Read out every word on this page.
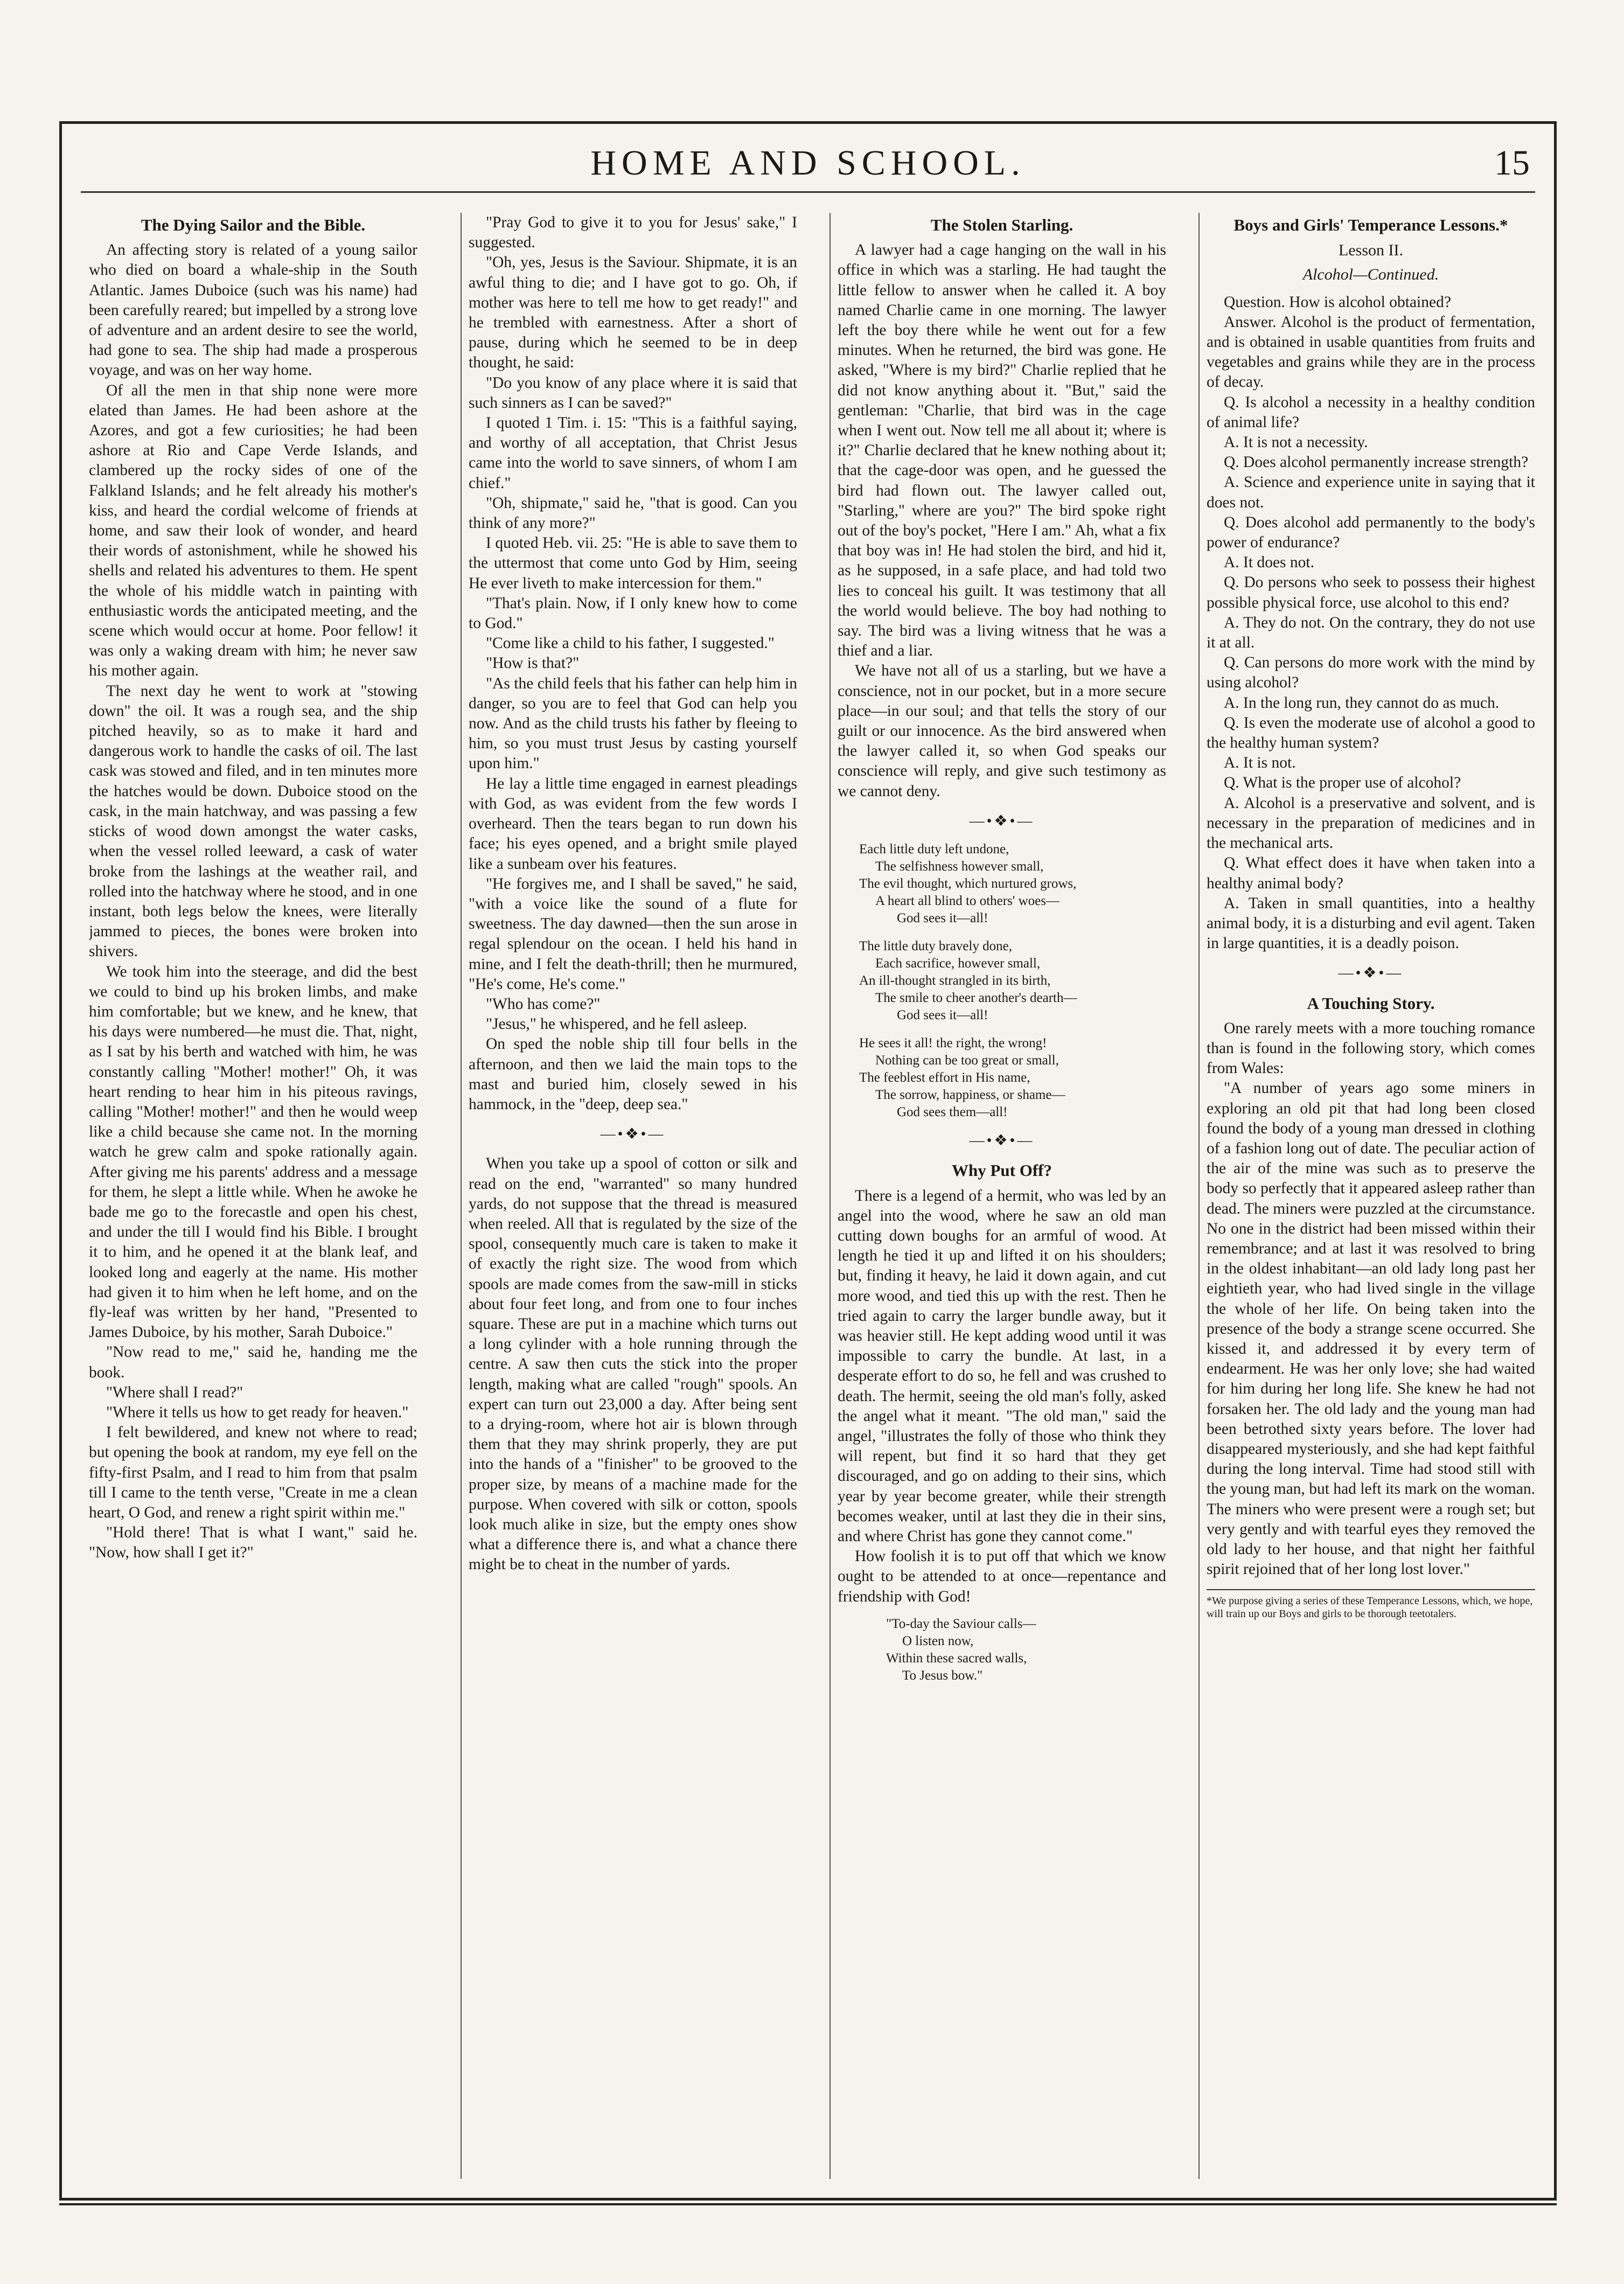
HOME AND SCHOOL.	15
The Dying Sailor and the Bible.

An affecting story is related of a young sailor who died on board a whale-ship in the South Atlantic. James Duboice (such was his name) had been carefully reared; but impelled by a strong love of adventure and an ardent desire to see the world, had gone to sea. The ship had made a prosperous voyage, and was on her way home.

Of all the men in that ship none were more elated than James. He had been ashore at the Azores, and got a few curiosities; he had been ashore at Rio and Cape Verde Islands, and clambered up the rocky sides of one of the Falkland Islands; and he felt already his mother's kiss, and heard the cordial welcome of friends at home, and saw their look of wonder, and heard their words of astonishment, while he showed his shells and related his adventures to them. He spent the whole of his middle watch in painting with enthusiastic words the anticipated meeting, and the scene which would occur at home. Poor fellow! it was only a waking dream with him; he never saw his mother again.

The next day he went to work at "stowing down" the oil. It was a rough sea, and the ship pitched heavily, so as to make it hard and dangerous work to handle the casks of oil. The last cask was stowed and filed, and in ten minutes more the hatches would be down. Duboice stood on the cask, in the main hatchway, and was passing a few sticks of wood down amongst the water casks, when the vessel rolled leeward, a cask of water broke from the lashings at the weather rail, and rolled into the hatchway where he stood, and in one instant, both legs below the knees, were literally jammed to pieces, the bones were broken into shivers.

We took him into the steerage, and did the best we could to bind up his broken limbs, and make him comfortable; but we knew, and he knew, that his days were numbered—he must die. That, night, as I sat by his berth and watched with him, he was constantly calling "Mother! mother!" Oh, it was heart rending to hear him in his piteous ravings, calling "Mother! mother!" and then he would weep like a child because she came not. In the morning watch he grew calm and spoke rationally again. After giving me his parents' address and a message for them, he slept a little while. When he awoke he bade me go to the forecastle and open his chest, and under the till I would find his Bible. I brought it to him, and he opened it at the blank leaf, and looked long and eagerly at the name. His mother had given it to him when he left home, and on the fly-leaf was written by her hand, "Presented to James Duboice, by his mother, Sarah Duboice."

"Now read to me," said he, handing me the book.

"Where shall I read?"

"Where it tells us how to get ready for heaven."

I felt bewildered, and knew not where to read; but opening the book at random, my eye fell on the fifty-first Psalm, and I read to him from that psalm till I came to the tenth verse, "Create in me a clean heart, O God, and renew a right spirit within me."

"Hold there! That is what I want," said he. "Now, how shall I get it?"

"Pray God to give it to you for Jesus' sake," I suggested.

"Oh, yes, Jesus is the Saviour. Shipmate, it is an awful thing to die; and I have got to go. Oh, if mother was here to tell me how to get ready!" and he trembled with earnestness. After a short of pause, during which he seemed to be in deep thought, he said:

"Do you know of any place where it is said that such sinners as I can be saved?"

I quoted 1 Tim. i. 15: "This is a faithful saying, and worthy of all acceptation, that Christ Jesus came into the world to save sinners, of whom I am chief."

"Oh, shipmate," said he, "that is good. Can you think of any more?"

I quoted Heb. vii. 25: "He is able to save them to the uttermost that come unto God by Him, seeing He ever liveth to make intercession for them."

"That's plain. Now, if I only knew how to come to God."

"Come like a child to his father, I suggested."

"How is that?"

"As the child feels that his father can help him in danger, so you are to feel that God can help you now. And as the child trusts his father by fleeing to him, so you must trust Jesus by casting yourself upon him."

He lay a little time engaged in earnest pleadings with God, as was evident from the few words I overheard. Then the tears began to run down his face; his eyes opened, and a bright smile played like a sunbeam over his features.

"He forgives me, and I shall be saved," he said, "with a voice like the sound of a flute for sweetness. The day dawned—then the sun arose in regal splendour on the ocean. I held his hand in mine, and I felt the death-thrill; then he murmured, "He's come, He's come."

"Who has come?"

"Jesus," he whispered, and he fell asleep.

On sped the noble ship till four bells in the afternoon, and then we laid the main tops to the mast and buried him, closely sewed in his hammock, in the "deep, deep sea."

—•❖•—

When you take up a spool of cotton or silk and read on the end, "warranted" so many hundred yards, do not suppose that the thread is measured when reeled. All that is regulated by the size of the spool, consequently much care is taken to make it of exactly the right size. The wood from which spools are made comes from the saw-mill in sticks about four feet long, and from one to four inches square. These are put in a machine which turns out a long cylinder with a hole running through the centre. A saw then cuts the stick into the proper length, making what are called "rough" spools. An expert can turn out 23,000 a day. After being sent to a drying-room, where hot air is blown through them that they may shrink properly, they are put into the hands of a "finisher" to be grooved to the proper size, by means of a machine made for the purpose. When covered with silk or cotton, spools look much alike in size, but the empty ones show what a difference there is, and what a chance there might be to cheat in the number of yards.

The Stolen Starling.

A lawyer had a cage hanging on the wall in his office in which was a starling. He had taught the little fellow to answer when he called it. A boy named Charlie came in one morning. The lawyer left the boy there while he went out for a few minutes. When he returned, the bird was gone. He asked, "Where is my bird?" Charlie replied that he did not know anything about it. "But," said the gentleman: "Charlie, that bird was in the cage when I went out. Now tell me all about it; where is it?" Charlie declared that he knew nothing about it; that the cage-door was open, and he guessed the bird had flown out. The lawyer called out, "Starling," where are you?" The bird spoke right out of the boy's pocket, "Here I am." Ah, what a fix that boy was in! He had stolen the bird, and hid it, as he supposed, in a safe place, and had told two lies to conceal his guilt. It was testimony that all the world would believe. The boy had nothing to say. The bird was a living witness that he was a thief and a liar.

We have not all of us a starling, but we have a conscience, not in our pocket, but in a more secure place—in our soul; and that tells the story of our guilt or our innocence. As the bird answered when the lawyer called it, so when God speaks our conscience will reply, and give such testimony as we cannot deny.

—•❖•—
Each little duty left undone,
The selfishness however small,
The evil thought, which nurtured grows,
A heart all blind to others' woes—
God sees it—all!
The little duty bravely done,
Each sacrifice, however small,
An ill-thought strangled in its birth,
The smile to cheer another's dearth—
God sees it—all!
He sees it all! the right, the wrong!
Nothing can be too great or small,
The feeblest effort in His name,
The sorrow, happiness, or shame—
God sees them—all!
—•❖•—
Why Put Off?

There is a legend of a hermit, who was led by an angel into the wood, where he saw an old man cutting down boughs for an armful of wood. At length he tied it up and lifted it on his shoulders; but, finding it heavy, he laid it down again, and cut more wood, and tied this up with the rest. Then he tried again to carry the larger bundle away, but it was heavier still. He kept adding wood until it was impossible to carry the bundle. At last, in a desperate effort to do so, he fell and was crushed to death. The hermit, seeing the old man's folly, asked the angel what it meant. "The old man," said the angel, "illustrates the folly of those who think they will repent, but find it so hard that they get discouraged, and go on adding to their sins, which year by year become greater, while their strength becomes weaker, until at last they die in their sins, and where Christ has gone they cannot come."

How foolish it is to put off that which we know ought to be attended to at once—repentance and friendship with God!

"To-day the Saviour calls—
O listen now,
Within these sacred walls,
To Jesus bow."
Boys and Girls' Temperance Lessons.*
Lesson II.
Alcohol—Continued.

Question. How is alcohol obtained?

Answer. Alcohol is the product of fermentation, and is obtained in usable quantities from fruits and vegetables and grains while they are in the process of decay.

Q. Is alcohol a necessity in a healthy condition of animal life?

A. It is not a necessity.

Q. Does alcohol permanently increase strength?

A. Science and experience unite in saying that it does not.

Q. Does alcohol add permanently to the body's power of endurance?

A. It does not.

Q. Do persons who seek to possess their highest possible physical force, use alcohol to this end?

A. They do not. On the contrary, they do not use it at all.

Q. Can persons do more work with the mind by using alcohol?

A. In the long run, they cannot do as much.

Q. Is even the moderate use of alcohol a good to the healthy human system?

A. It is not.

Q. What is the proper use of alcohol?

A. Alcohol is a preservative and solvent, and is necessary in the preparation of medicines and in the mechanical arts.

Q. What effect does it have when taken into a healthy animal body?

A. Taken in small quantities, into a healthy animal body, it is a disturbing and evil agent. Taken in large quantities, it is a deadly poison.

—•❖•—
A Touching Story.

One rarely meets with a more touching romance than is found in the following story, which comes from Wales:

"A number of years ago some miners in exploring an old pit that had long been closed found the body of a young man dressed in clothing of a fashion long out of date. The peculiar action of the air of the mine was such as to preserve the body so perfectly that it appeared asleep rather than dead. The miners were puzzled at the circumstance. No one in the district had been missed within their remembrance; and at last it was resolved to bring in the oldest inhabitant—an old lady long past her eightieth year, who had lived single in the village the whole of her life. On being taken into the presence of the body a strange scene occurred. She kissed it, and addressed it by every term of endearment. He was her only love; she had waited for him during her long life. She knew he had not forsaken her. The old lady and the young man had been betrothed sixty years before. The lover had disappeared mysteriously, and she had kept faithful during the long interval. Time had stood still with the young man, but had left its mark on the woman. The miners who were present were a rough set; but very gently and with tearful eyes they removed the old lady to her house, and that night her faithful spirit rejoined that of her long lost lover."

*We purpose giving a series of these Temperance Lessons, which, we hope, will train up our Boys and girls to be thorough teetotalers.
